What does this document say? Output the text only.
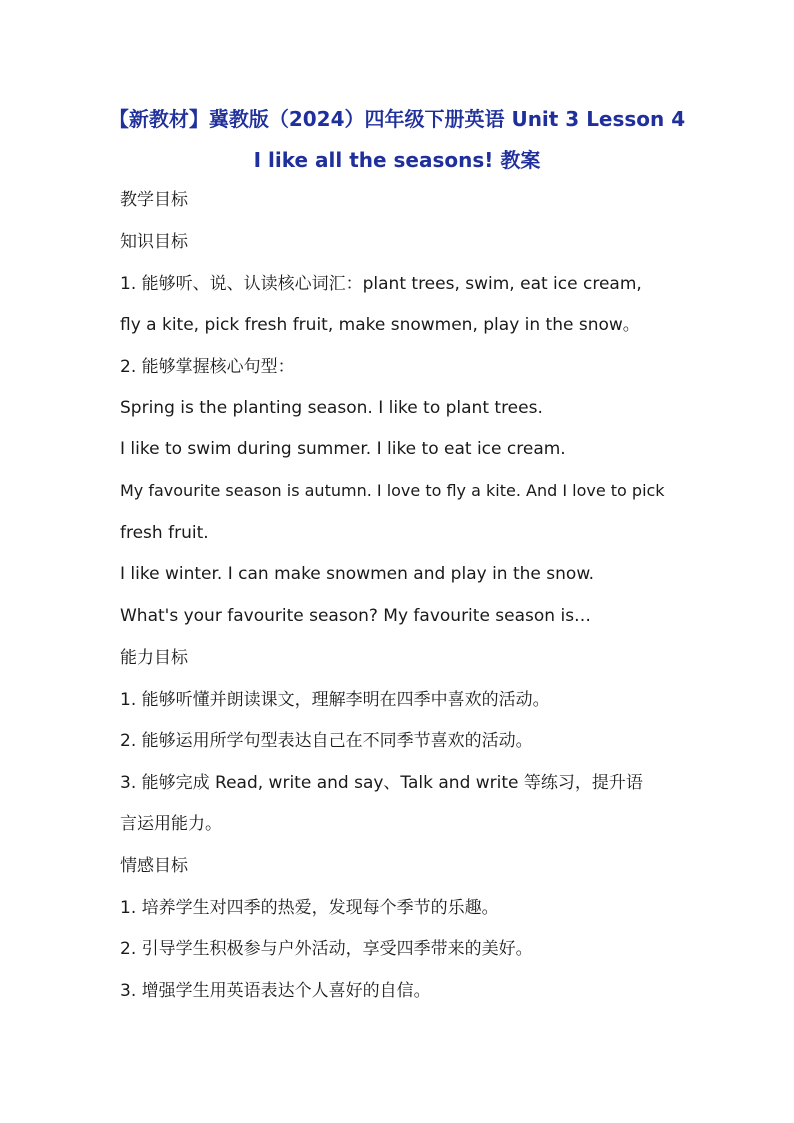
【新教材】冀教版（2024）四年级下册英语 Unit 3 Lesson 4
I like all the seasons! 教案
教学目标
知识目标
1. 能够听、说、认读核心词汇：plant trees, swim, eat ice cream,
fly a kite, pick fresh fruit, make snowmen, play in the snow。
2. 能够掌握核心句型：
Spring is the planting season. I like to plant trees.
I like to swim during summer. I like to eat ice cream.
My favourite season is autumn. I love to fly a kite. And I love to pick
fresh fruit.
I like winter. I can make snowmen and play in the snow.
What's your favourite season? My favourite season is…
能力目标
1. 能够听懂并朗读课文，理解李明在四季中喜欢的活动。
2. 能够运用所学句型表达自己在不同季节喜欢的活动。
3. 能够完成 Read, write and say、Talk and write 等练习，提升语
言运用能力。
情感目标
1. 培养学生对四季的热爱，发现每个季节的乐趣。
2. 引导学生积极参与户外活动，享受四季带来的美好。
3. 增强学生用英语表达个人喜好的自信。
